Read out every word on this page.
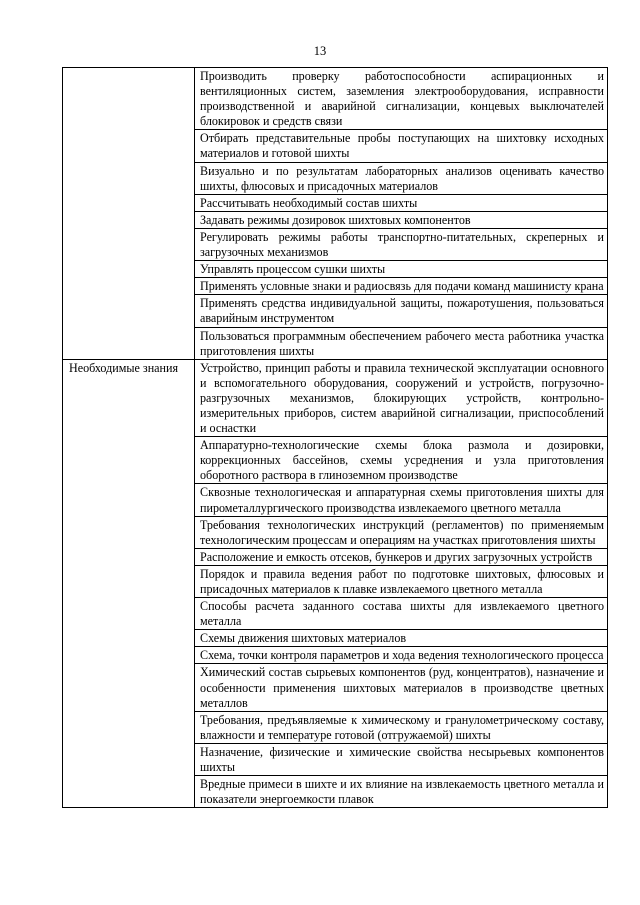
13

	Производить проверку работоспособности аспирационных и вентиляционных систем, заземления электрооборудования, исправности производственной и аварийной сигнализации, концевых выключателей блокировок и средств связи

	Отбирать представительные пробы поступающих на шихтовку исходных материалов и готовой шихты

	Визуально и по результатам лабораторных анализов оценивать качество шихты, флюсовых и присадочных материалов

	Рассчитывать необходимый состав шихты

	Задавать режимы дозировок шихтовых компонентов

	Регулировать режимы работы транспортно-питательных, скреперных и загрузочных механизмов

	Управлять процессом сушки шихты

	Применять условные знаки и радиосвязь для подачи команд машинисту крана

	Применять средства индивидуальной защиты, пожаротушения, пользоваться аварийным инструментом

	Пользоваться программным обеспечением рабочего места работника участка приготовления шихты

Необходимые знания	Устройство, принцип работы и правила технической эксплуатации основного и вспомогательного оборудования, сооружений и устройств, погрузочно-разгрузочных механизмов, блокирующих устройств, контрольно-измерительных приборов, систем аварийной сигнализации, приспособлений и оснастки

	Аппаратурно-технологические схемы блока размола и дозировки, коррекционных бассейнов, схемы усреднения и узла приготовления оборотного раствора в глиноземном производстве

	Сквозные технологическая и аппаратурная схемы приготовления шихты для пирометаллургического производства извлекаемого цветного металла

	Требования технологических инструкций (регламентов) по применяемым технологическим процессам и операциям на участках приготовления шихты

	Расположение и емкость отсеков, бункеров и других загрузочных устройств

	Порядок и правила ведения работ по подготовке шихтовых, флюсовых и присадочных материалов к плавке извлекаемого цветного металла

	Способы расчета заданного состава шихты для извлекаемого цветного металла

	Схемы движения шихтовых материалов

	Схема, точки контроля параметров и хода ведения технологического процесса

	Химический состав сырьевых компонентов (руд, концентратов), назначение и особенности применения шихтовых материалов в производстве цветных металлов

	Требования, предъявляемые к химическому и гранулометрическому составу, влажности и температуре готовой (отгружаемой) шихты

	Назначение, физические и химические свойства несырьевых компонентов шихты

	Вредные примеси в шихте и их влияние на извлекаемость цветного металла и показатели энергоемкости плавок
